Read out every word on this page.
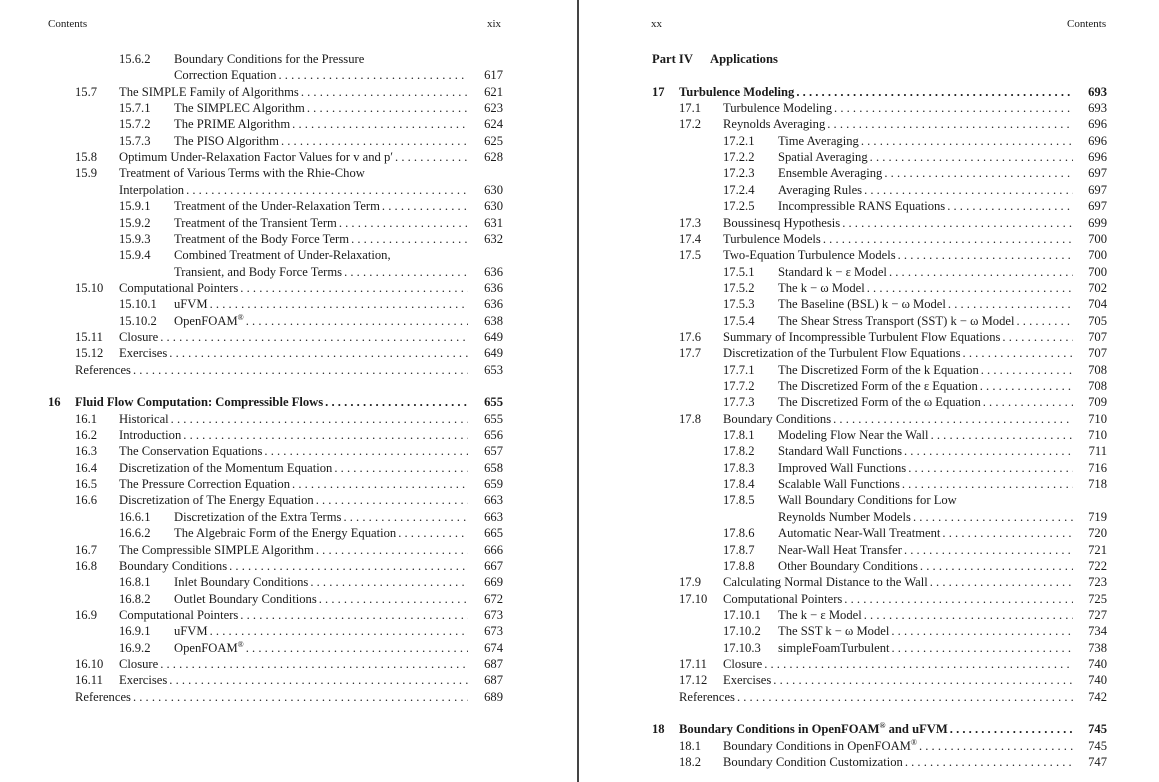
Contents	xix
15.6.2 Boundary Conditions for the Pressure
Correction Equation . . .	617
15.7 The SIMPLE Family of Algorithms . . .	621
15.7.1 The SIMPLEC Algorithm . . .	623
15.7.2 The PRIME Algorithm . . .	624
15.7.3 The PISO Algorithm . . .	625
15.8 Optimum Under-Relaxation Factor Values for v and p′ . . .	628
15.9 Treatment of Various Terms with the Rhie-Chow
Interpolation . . .	630
15.9.1 Treatment of the Under-Relaxation Term . . .	630
15.9.2 Treatment of the Transient Term . . .	631
15.9.3 Treatment of the Body Force Term . . .	632
15.9.4 Combined Treatment of Under-Relaxation,
Transient, and Body Force Terms . . .	636
15.10 Computational Pointers . . .	636
15.10.1 uFVM . . .	636
15.10.2 OpenFOAM® . . .	638
15.11 Closure . . .	649
15.12 Exercises . . .	649
References . . .	653
16 Fluid Flow Computation: Compressible Flows . . .	655
16.1 Historical . . .	655
16.2 Introduction . . .	656
16.3 The Conservation Equations . . .	657
16.4 Discretization of the Momentum Equation . . .	658
16.5 The Pressure Correction Equation . . .	659
16.6 Discretization of The Energy Equation . . .	663
16.6.1 Discretization of the Extra Terms . . .	663
16.6.2 The Algebraic Form of the Energy Equation . . .	665
16.7 The Compressible SIMPLE Algorithm . . .	666
16.8 Boundary Conditions . . .	667
16.8.1 Inlet Boundary Conditions . . .	669
16.8.2 Outlet Boundary Conditions . . .	672
16.9 Computational Pointers . . .	673
16.9.1 uFVM . . .	673
16.9.2 OpenFOAM® . . .	674
16.10 Closure . . .	687
16.11 Exercises . . .	687
References . . .	689
xx	Contents
Part IV Applications
17 Turbulence Modeling . . .	693
17.1 Turbulence Modeling . . .	693
17.2 Reynolds Averaging . . .	696
17.2.1 Time Averaging . . .	696
17.2.2 Spatial Averaging . . .	696
17.2.3 Ensemble Averaging . . .	697
17.2.4 Averaging Rules . . .	697
17.2.5 Incompressible RANS Equations . . .	697
17.3 Boussinesq Hypothesis . . .	699
17.4 Turbulence Models . . .	700
17.5 Two-Equation Turbulence Models . . .	700
17.5.1 Standard k − ε Model . . .	700
17.5.2 The k − ω Model . . .	702
17.5.3 The Baseline (BSL) k − ω Model . . .	704
17.5.4 The Shear Stress Transport (SST) k − ω Model . . .	705
17.6 Summary of Incompressible Turbulent Flow Equations . . .	707
17.7 Discretization of the Turbulent Flow Equations . . .	707
17.7.1 The Discretized Form of the k Equation . . .	708
17.7.2 The Discretized Form of the ε Equation . . .	708
17.7.3 The Discretized Form of the ω Equation . . .	709
17.8 Boundary Conditions . . .	710
17.8.1 Modeling Flow Near the Wall . . .	710
17.8.2 Standard Wall Functions . . .	711
17.8.3 Improved Wall Functions . . .	716
17.8.4 Scalable Wall Functions . . .	718
17.8.5 Wall Boundary Conditions for Low
Reynolds Number Models . . .	719
17.8.6 Automatic Near-Wall Treatment . . .	720
17.8.7 Near-Wall Heat Transfer . . .	721
17.8.8 Other Boundary Conditions . . .	722
17.9 Calculating Normal Distance to the Wall . . .	723
17.10 Computational Pointers . . .	725
17.10.1 The k − ε Model . . .	727
17.10.2 The SST k − ω Model . . .	734
17.10.3 simpleFoamTurbulent . . .	738
17.11 Closure . . .	740
17.12 Exercises . . .	740
References . . .	742
18 Boundary Conditions in OpenFOAM® and uFVM . . .	745
18.1 Boundary Conditions in OpenFOAM® . . .	745
18.2 Boundary Condition Customization . . .	747
